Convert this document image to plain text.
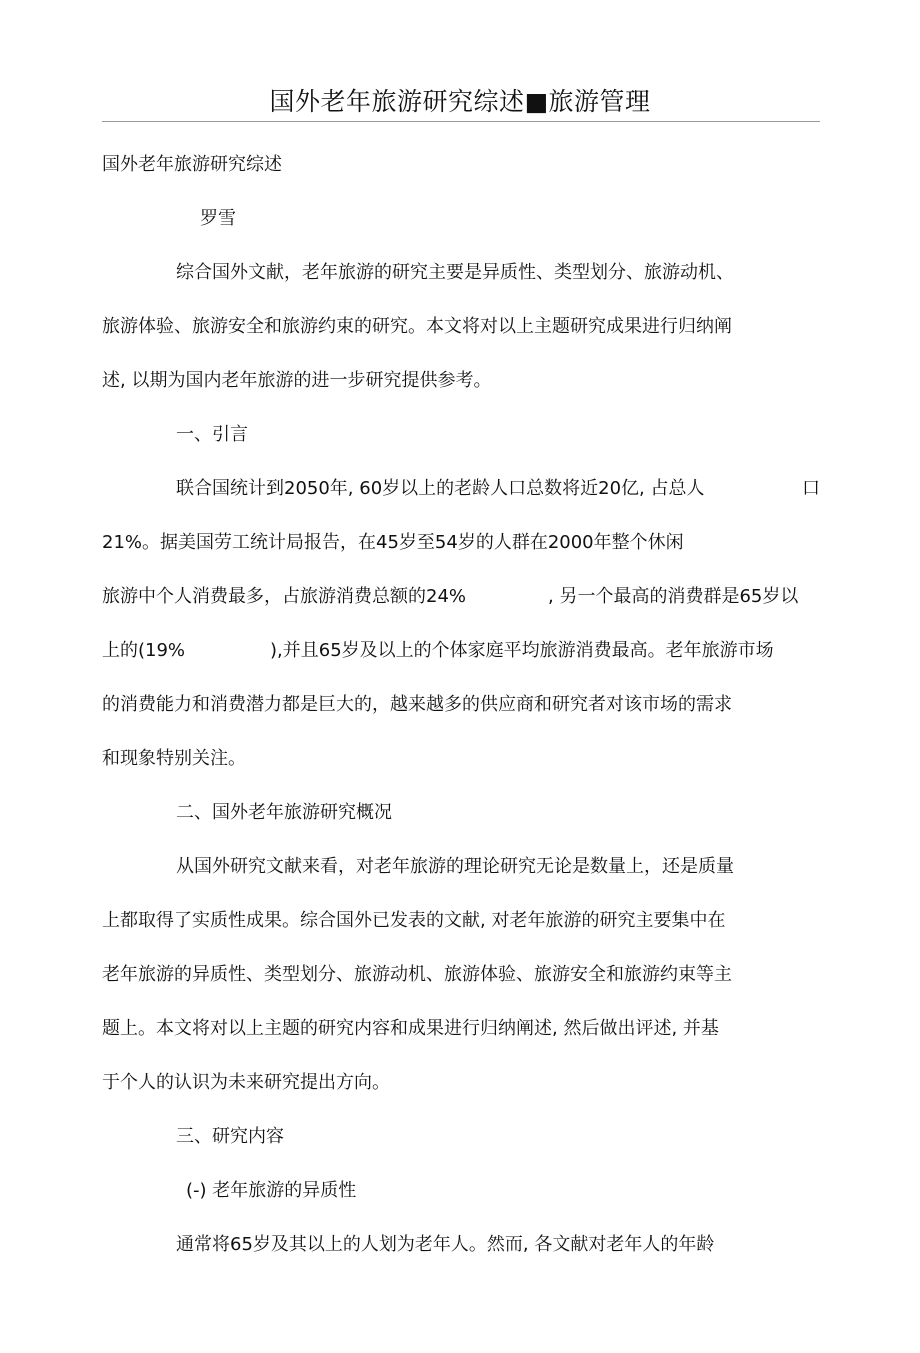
国外老年旅游研究综述■旅游管理
国外老年旅游研究综述
罗雪
综合国外文献，老年旅游的研究主要是异质性、类型划分、旅游动机、
旅游体验、旅游安全和旅游约束的研究。本文将对以上主题研究成果进行归纳阐
述, 以期为国内老年旅游的进一步研究提供参考。
一、引言
联合国统计到2050年, 60岁以上的老龄人口总数将近20亿, 占总人	口
21%。据美国劳工统计局报告，在45岁至54岁的人群在2000年整个休闲
旅游中个人消费最多，占旅游消费总额的24%	, 另一个最高的消费群是65岁以
上的(19%	),并且65岁及以上的个体家庭平均旅游消费最高。老年旅游市场
的消费能力和消费潜力都是巨大的，越来越多的供应商和研究者对该市场的需求
和现象特别关注。
二、国外老年旅游研究概况
从国外研究文献来看，对老年旅游的理论研究无论是数量上，还是质量
上都取得了实质性成果。综合国外已发表的文献, 对老年旅游的研究主要集中在
老年旅游的异质性、类型划分、旅游动机、旅游体验、旅游安全和旅游约束等主
题上。本文将对以上主题的研究内容和成果进行归纳阐述, 然后做出评述, 并基
于个人的认识为未来研究提出方向。
三、研究内容
(-) 老年旅游的异质性
通常将65岁及其以上的人划为老年人。然而, 各文献对老年人的年龄
